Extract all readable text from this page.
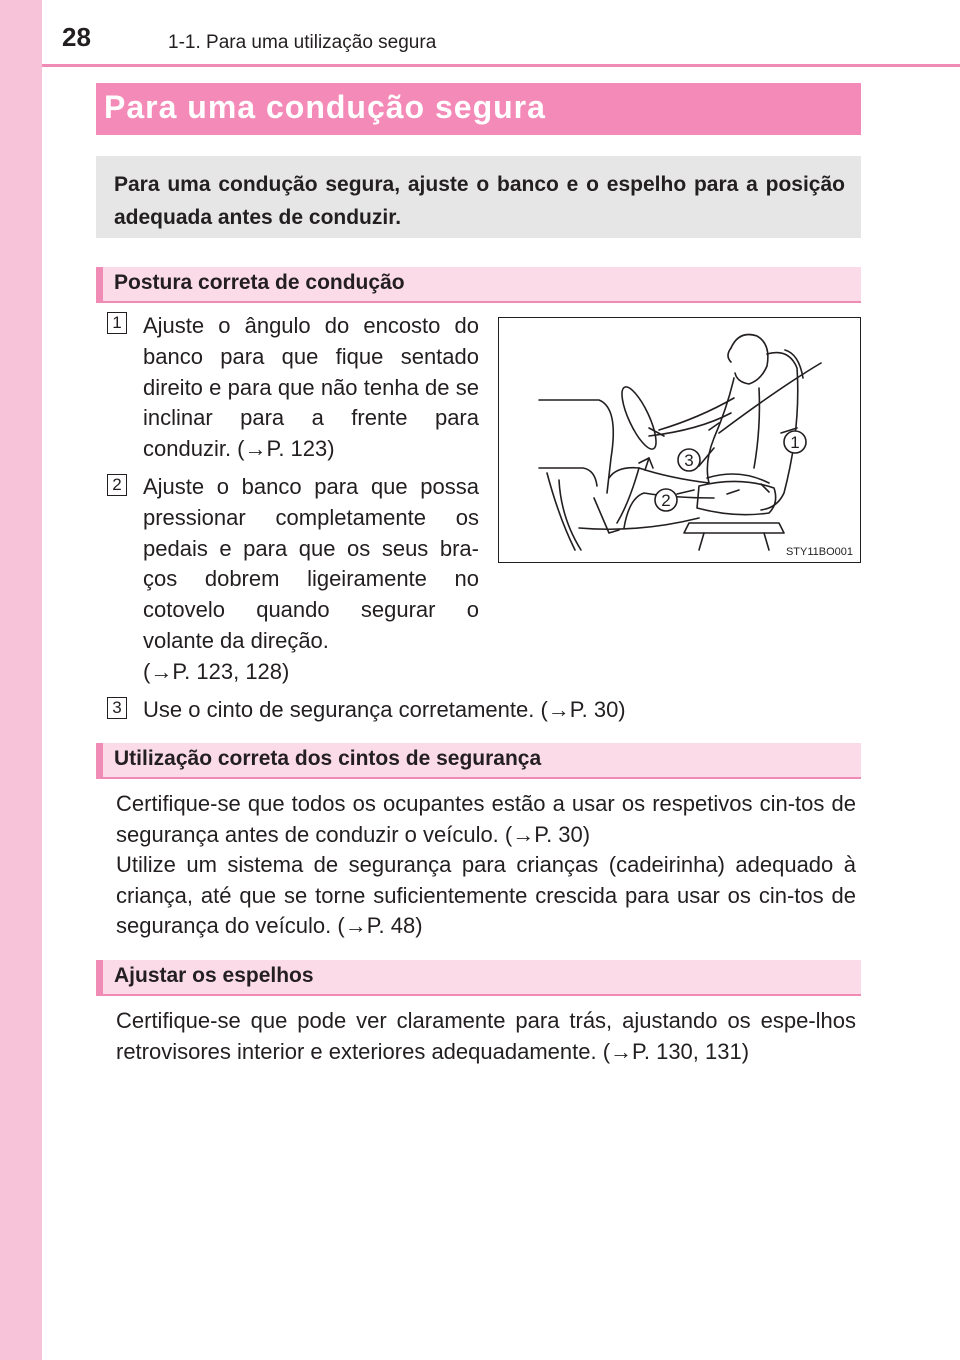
28	1-1. Para uma utilização segura
Para uma condução segura
Para uma condução segura, ajuste o banco e o espelho para a posição adequada antes de conduzir.
Postura correta de condução
1 Ajuste o ângulo do encosto do banco para que fique sentado direito e para que não tenha de se inclinar para a frente para conduzir. (→P. 123)
2 Ajuste o banco para que possa pressionar completamente os pedais e para que os seus bra-ços dobrem ligeiramente no cotovelo quando segurar o volante da direção.
(→P. 123, 128)
3 Use o cinto de segurança corretamente. (→P. 30)
1
2
3
STY11BO001
Utilização correta dos cintos de segurança
Certifique-se que todos os ocupantes estão a usar os respetivos cin-tos de segurança antes de conduzir o veículo. (→P. 30)
Utilize um sistema de segurança para crianças (cadeirinha) adequado à criança, até que se torne suficientemente crescida para usar os cin-tos de segurança do veículo. (→P. 48)
Ajustar os espelhos
Certifique-se que pode ver claramente para trás, ajustando os espe-lhos retrovisores interior e exteriores adequadamente. (→P. 130, 131)
